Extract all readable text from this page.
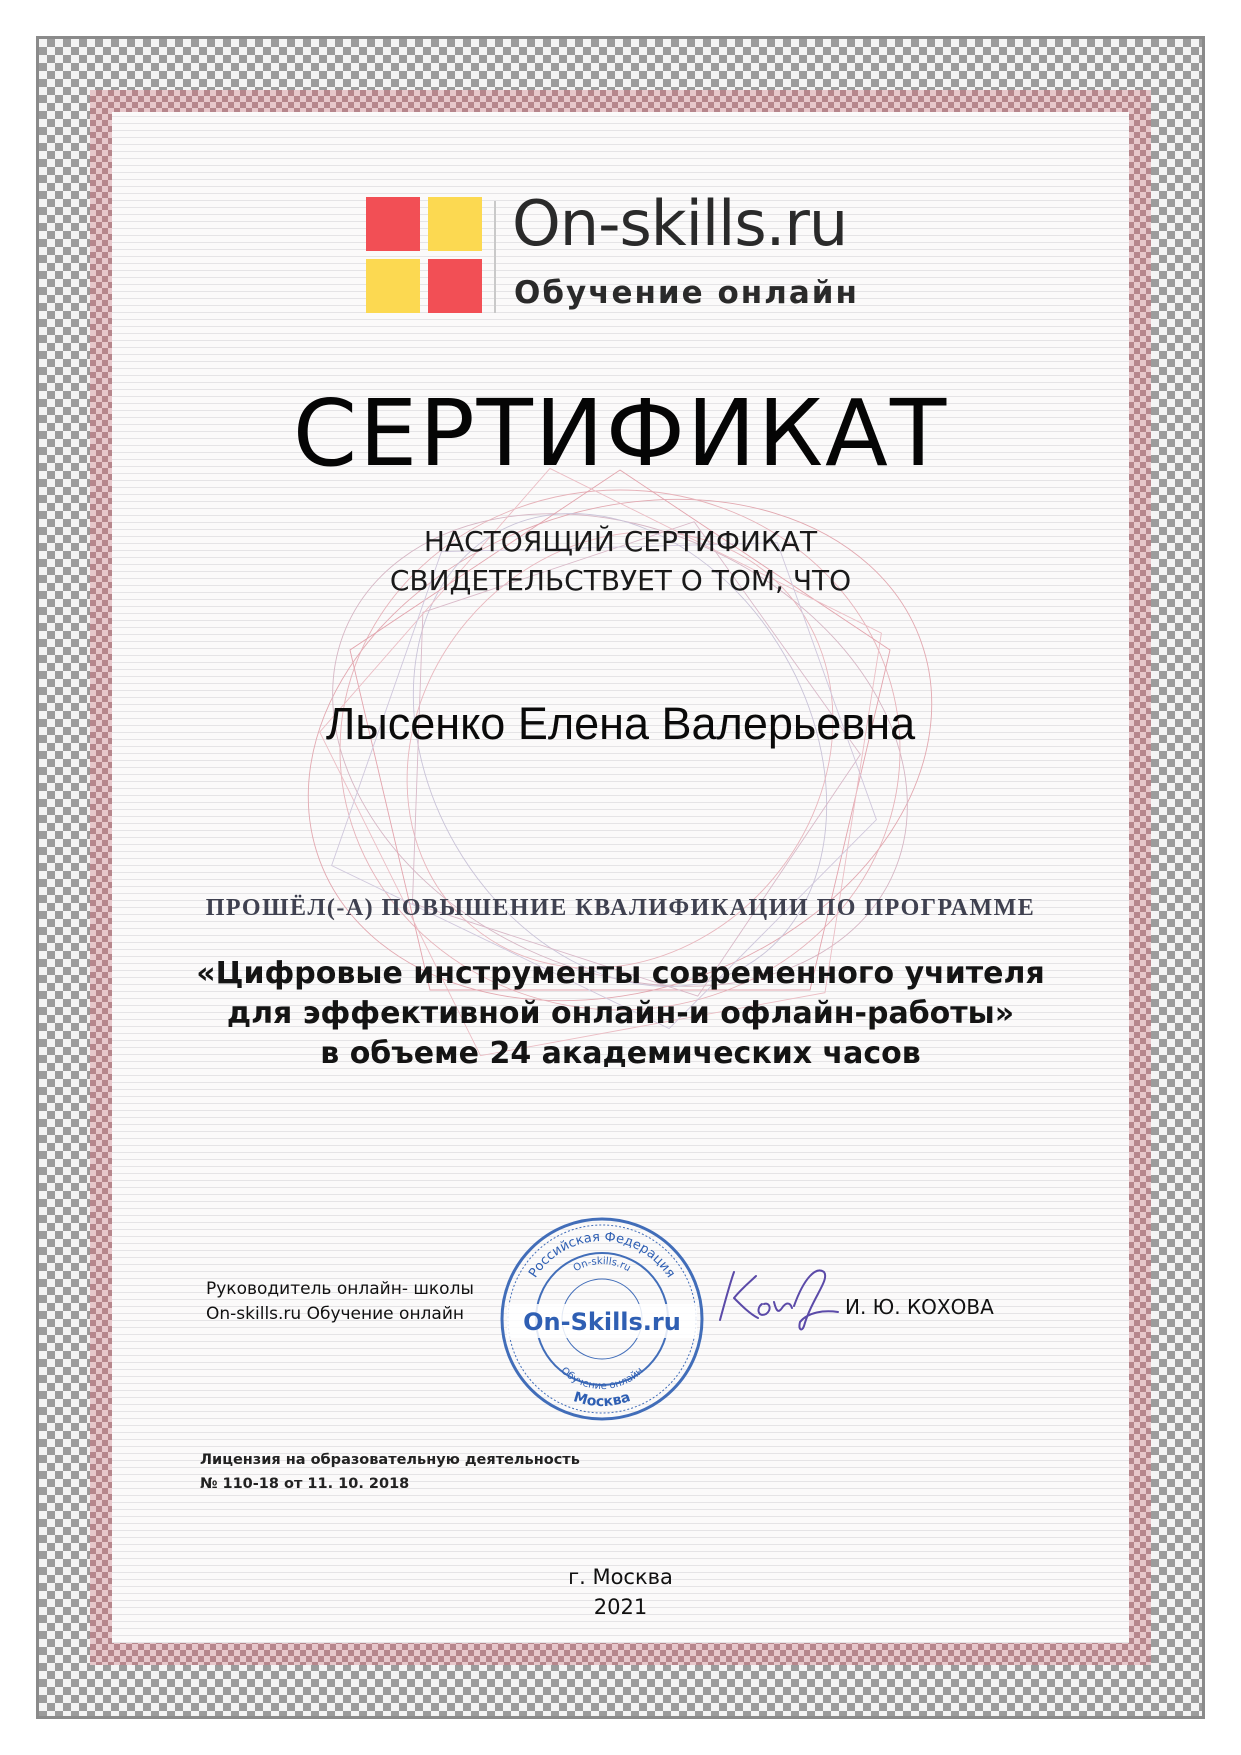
On-skills.ru
Обучение онлайн
СЕРТИФИКАТ
НАСТОЯЩИЙ СЕРТИФИКАТ
СВИДЕТЕЛЬСТВУЕТ О ТОМ, ЧТО
Лысенко Елена Валерьевна
ПРОШЁЛ(-А) ПОВЫШЕНИЕ КВАЛИФИКАЦИИ ПО ПРОГРАММЕ
«Цифровые инструменты современного учителя
для эффективной онлайн-и офлайн-работы»
в объеме 24 академических часов
Руководитель онлайн- школы
On-skills.ru Обучение онлайн
Российская Федерация
On-skills.ru
On-Skills.ru
Обучение онлайн
Москва
И. Ю. КОХОВА
Лицензия на образовательную деятельность
№ 110-18 от 11. 10. 2018
г. Москва
2021
